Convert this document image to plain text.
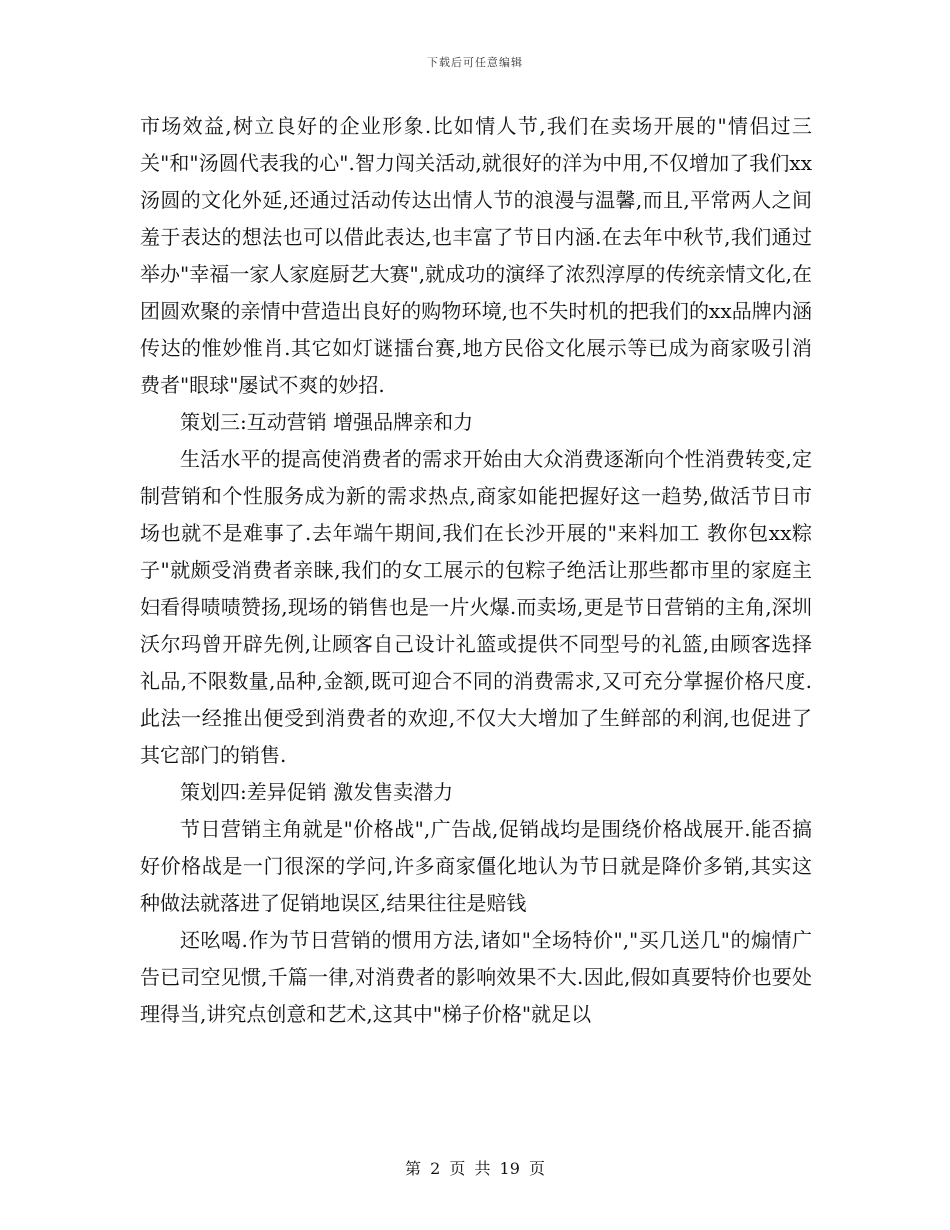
下载后可任意编辑

市场效益,树立良好的企业形象.比如情人节,我们在卖场开展的"情侣过三关"和"汤圆代表我的心".智力闯关活动,就很好的洋为中用,不仅增加了我们xx汤圆的文化外延,还通过活动传达出情人节的浪漫与温馨,而且,平常两人之间羞于表达的想法也可以借此表达,也丰富了节日内涵.在去年中秋节,我们通过举办"幸福一家人家庭厨艺大赛",就成功的演绎了浓烈淳厚的传统亲情文化,在团圆欢聚的亲情中营造出良好的购物环境,也不失时机的把我们的xx品牌内涵传达的惟妙惟肖.其它如灯谜擂台赛,地方民俗文化展示等已成为商家吸引消费者"眼球"屡试不爽的妙招.

策划三:互动营销 增强品牌亲和力

生活水平的提高使消费者的需求开始由大众消费逐渐向个性消费转变,定制营销和个性服务成为新的需求热点,商家如能把握好这一趋势,做活节日市场也就不是难事了.去年端午期间,我们在长沙开展的"来料加工 教你包xx粽子"就颇受消费者亲睐,我们的女工展示的包粽子绝活让那些都市里的家庭主妇看得啧啧赞扬,现场的销售也是一片火爆.而卖场,更是节日营销的主角,深圳沃尔玛曾开辟先例,让顾客自己设计礼篮或提供不同型号的礼篮,由顾客选择礼品,不限数量,品种,金额,既可迎合不同的消费需求,又可充分掌握价格尺度.此法一经推出便受到消费者的欢迎,不仅大大增加了生鲜部的利润,也促进了其它部门的销售.

策划四:差异促销 激发售卖潜力

节日营销主角就是"价格战",广告战,促销战均是围绕价格战展开.能否搞好价格战是一门很深的学问,许多商家僵化地认为节日就是降价多销,其实这种做法就落进了促销地误区,结果往往是赔钱

还吆喝.作为节日营销的惯用方法,诸如"全场特价","买几送几"的煽情广告已司空见惯,千篇一律,对消费者的影响效果不大.因此,假如真要特价也要处理得当,讲究点创意和艺术,这其中"梯子价格"就足以

第 2 页 共 19 页
